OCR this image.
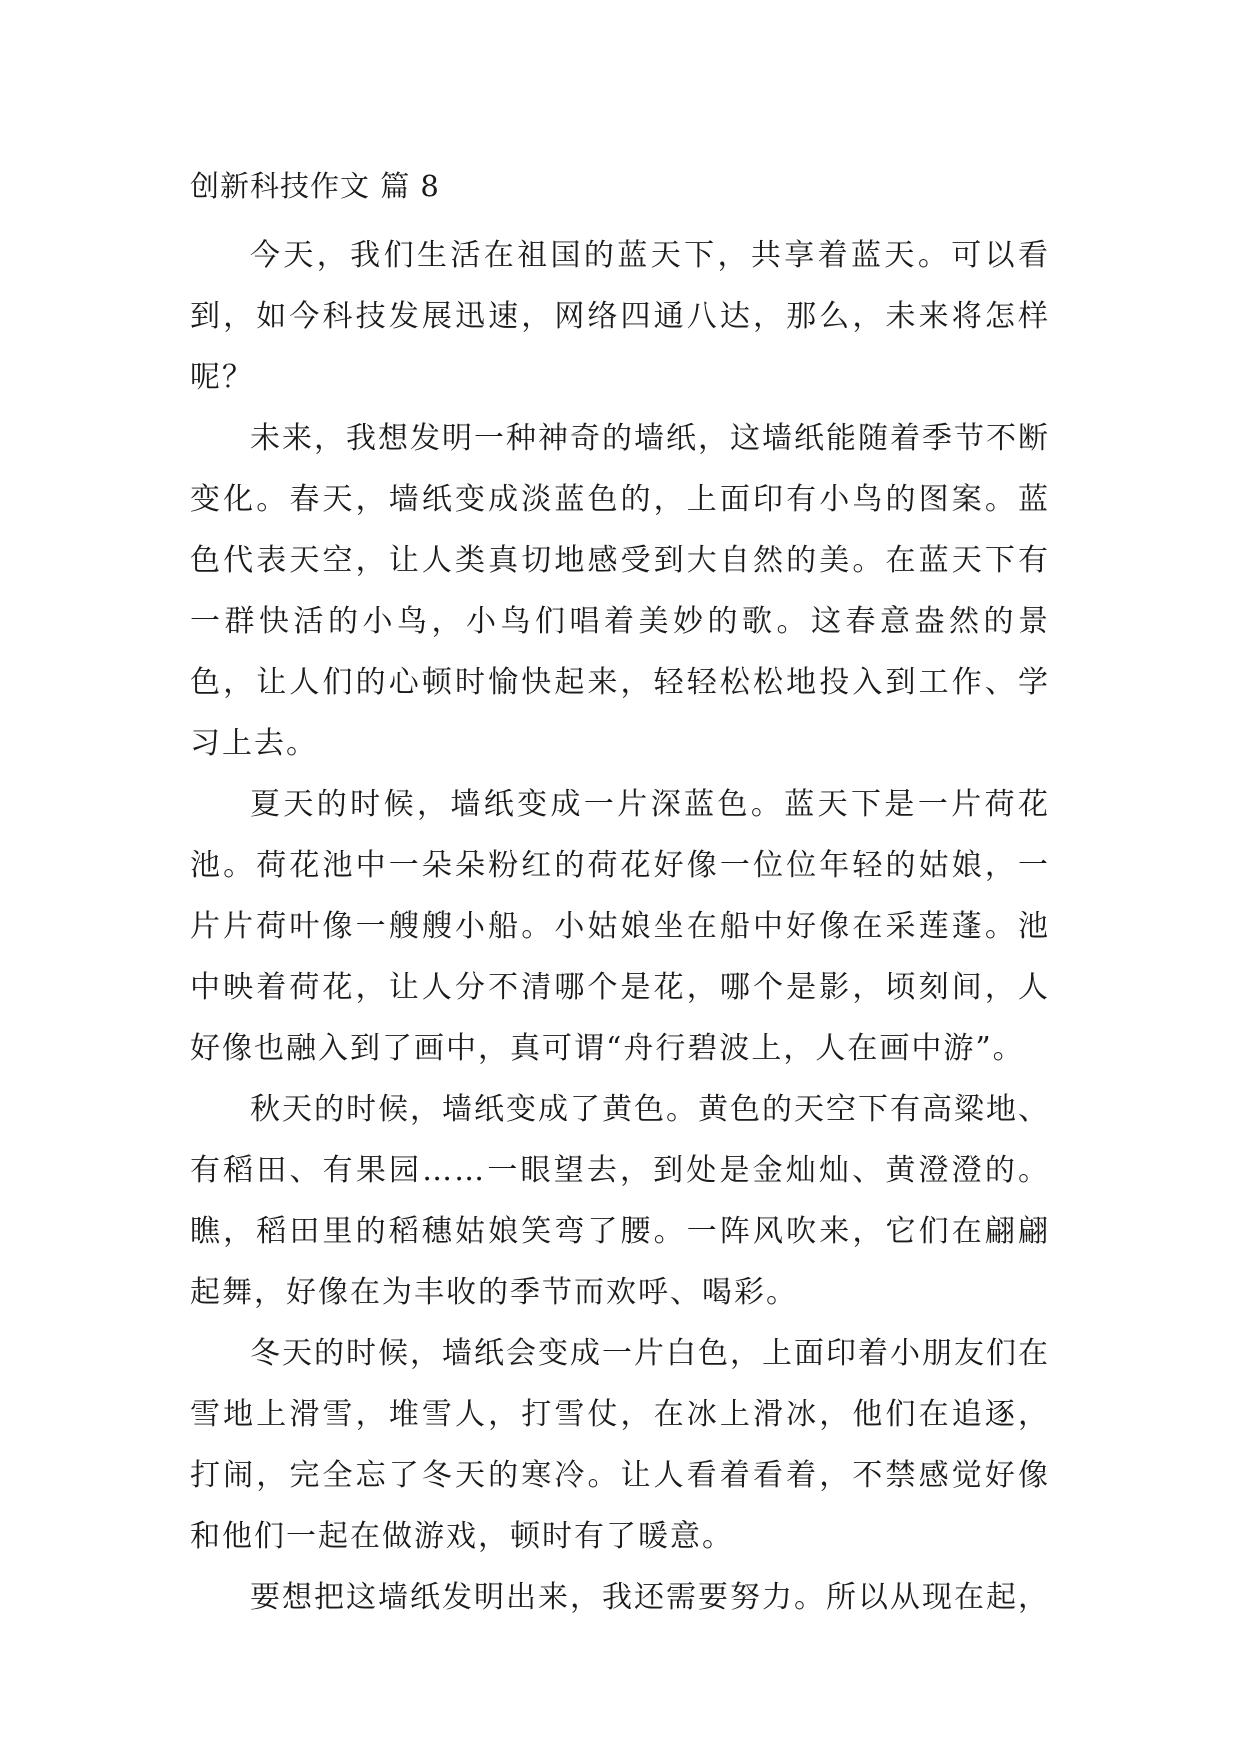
创新科技作文 篇 8

今天，我们生活在祖国的蓝天下，共享着蓝天。可以看到，如今科技发展迅速，网络四通八达，那么，未来将怎样呢？

未来，我想发明一种神奇的墙纸，这墙纸能随着季节不断变化。春天，墙纸变成淡蓝色的，上面印有小鸟的图案。蓝色代表天空，让人类真切地感受到大自然的美。在蓝天下有一群快活的小鸟，小鸟们唱着美妙的歌。这春意盎然的景色，让人们的心顿时愉快起来，轻轻松松地投入到工作、学习上去。

夏天的时候，墙纸变成一片深蓝色。蓝天下是一片荷花池。荷花池中一朵朵粉红的荷花好像一位位年轻的姑娘，一片片荷叶像一艘艘小船。小姑娘坐在船中好像在采莲蓬。池中映着荷花，让人分不清哪个是花，哪个是影，顷刻间，人好像也融入到了画中，真可谓“舟行碧波上，人在画中游”。

秋天的时候，墙纸变成了黄色。黄色的天空下有高粱地、有稻田、有果园……一眼望去，到处是金灿灿、黄澄澄的。瞧，稻田里的稻穗姑娘笑弯了腰。一阵风吹来，它们在翩翩起舞，好像在为丰收的季节而欢呼、喝彩。

冬天的时候，墙纸会变成一片白色，上面印着小朋友们在雪地上滑雪，堆雪人，打雪仗，在冰上滑冰，他们在追逐，打闹，完全忘了冬天的寒冷。让人看着看着，不禁感觉好像和他们一起在做游戏，顿时有了暖意。

要想把这墙纸发明出来，我还需要努力。所以从现在起，
